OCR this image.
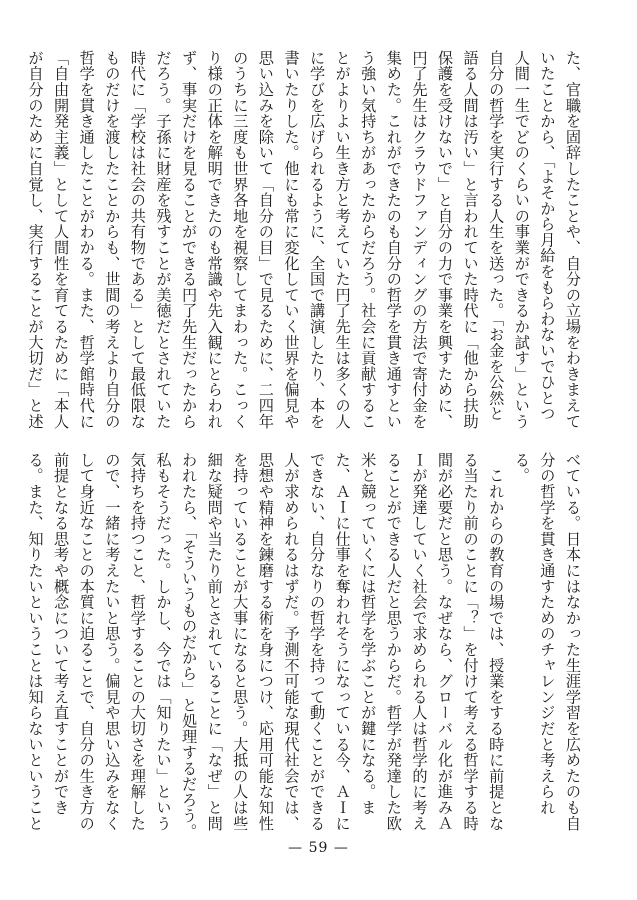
た、官職を固辞したことや、自分の立場をわきまえて
いたことから、「よそから月給をもらわないでひとつ
人間一生でどのくらいの事業ができるか試す」という
自分の哲学を実行する人生を送った。「お金を公然と
語る人間は汚い」と言われていた時代に「他から扶助
保護を受けないで」と自分の力で事業を興すために、
円了先生はクラウドファンディングの方法で寄付金を
集めた。これができたのも自分の哲学を貫き通すとい
う強い気持ちがあったからだろう。社会に貢献するこ
とがよりよい生き方と考えていた円了先生は多くの人
に学びを広げられるように、全国で講演したり、本を
書いたりした。他にも常に変化していく世界を偏見や
思い込みを除いて「自分の目」で見るために、二四年
のうちに三度も世界各地を視察してまわった。こっく
り様の正体を解明できたのも常識や先入観にとらわれ
ず、事実だけを見ることができる円了先生だったから
だろう。子孫に財産を残すことが美徳だとされていた
時代に「学校は社会の共有物である」として最低限な
ものだけを渡したことからも、世間の考えより自分の
哲学を貫き通したことがわかる。また、哲学館時代に
「自由開発主義」として人間性を育てるために「本人
が自分のために自覚し、実行することが大切だ」と述
べている。日本にはなかった生涯学習を広めたのも自
分の哲学を貫き通すためのチャレンジだと考えられ
る。
　これからの教育の場では、授業をする時に前提とな
る当たり前のことに「？」を付けて考える哲学する時
間が必要だと思う。なぜなら、グローバル化が進みＡ
Ｉが発達していく社会で求められる人は哲学的に考え
ることができる人だと思うからだ。哲学が発達した欧
米と競っていくには哲学を学ぶことが鍵になる。ま
た、ＡＩに仕事を奪われそうになっている今、ＡＩに
できない、自分なりの哲学を持って動くことができる
人が求められるはずだ。予測不可能な現代社会では、
思想や精神を錬磨する術を身につけ、応用可能な知性
を持っていることが大事になると思う。大抵の人は些
細な疑問や当たり前とされていることに「なぜ」と問
われたら、「そういうものだから」と処理するだろう。
私もそうだった。しかし、今では「知りたい」という
気持ちを持つこと、哲学することの大切さを理解した
ので、一緒に考えたいと思う。偏見や思い込みをなく
して身近なことの本質に迫ることで、自分の生き方の
前提となる思考や概念について考え直すことができ
る。また、知りたいということは知らないということ
— 59 —
